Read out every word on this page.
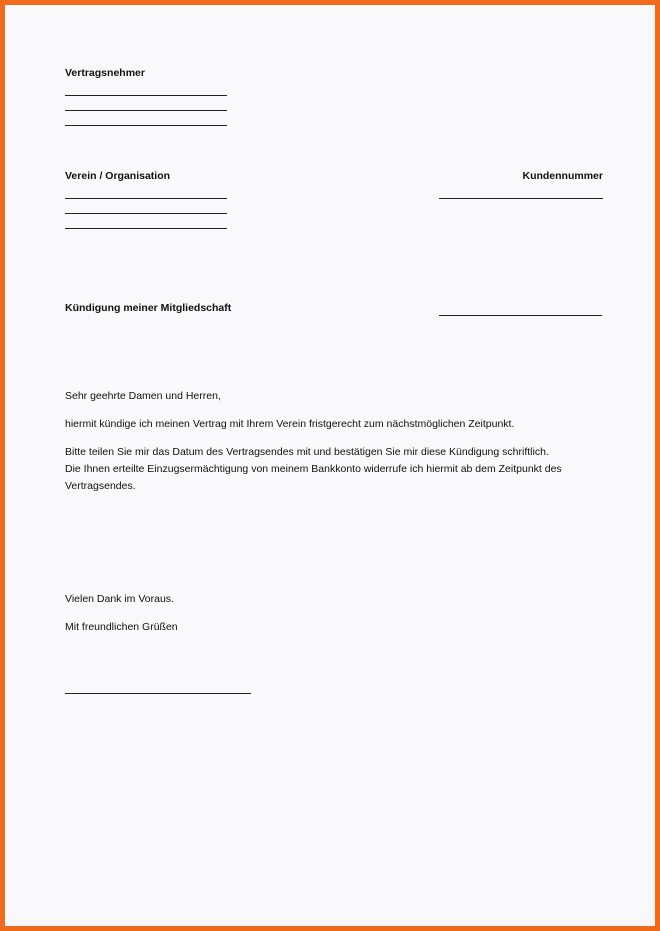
Vertragsnehmer
Verein / Organisation	Kundennummer
Kündigung meiner Mitgliedschaft
Sehr geehrte Damen und Herren,
hiermit kündige ich meinen Vertrag mit Ihrem Verein fristgerecht zum nächstmöglichen Zeitpunkt.
Bitte teilen Sie mir das Datum des Vertragsendes mit und bestätigen Sie mir diese Kündigung schriftlich.
Die Ihnen erteilte Einzugsermächtigung von meinem Bankkonto widerrufe ich hiermit ab dem Zeitpunkt des
Vertragsendes.
Vielen Dank im Voraus.
Mit freundlichen Grüßen
